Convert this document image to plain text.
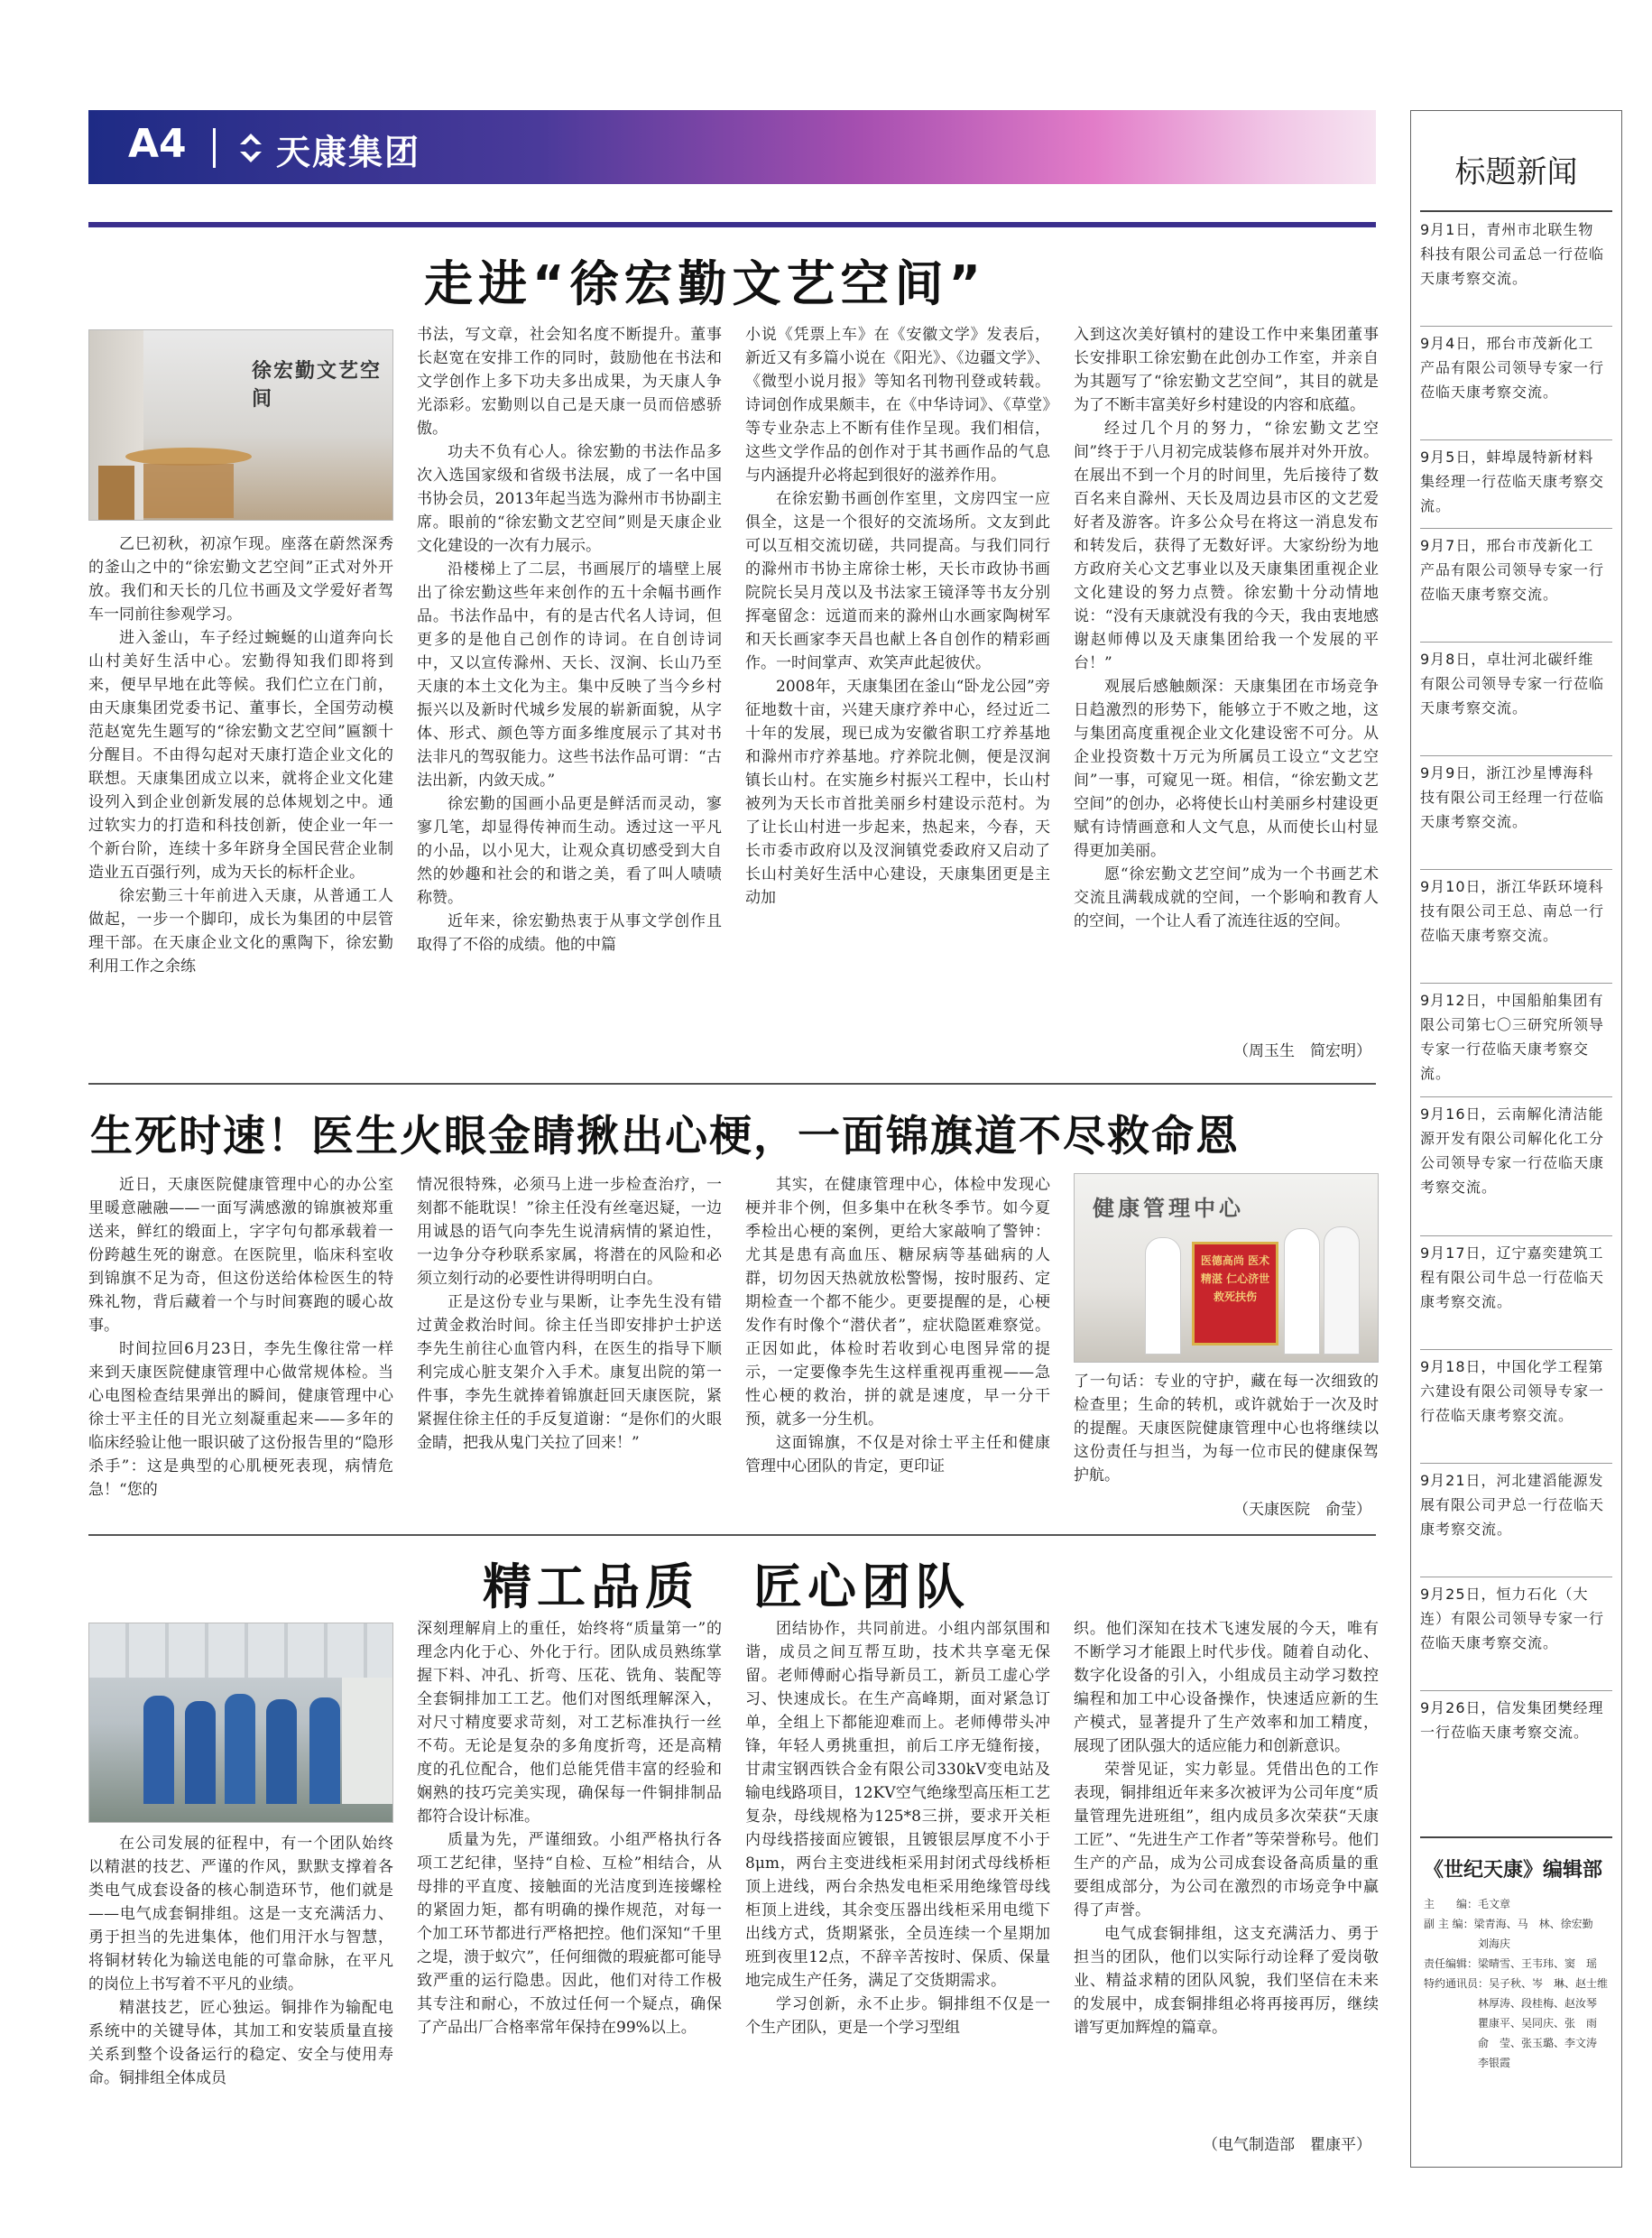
A4	天康集团
走进“徐宏勤文艺空间”
徐宏勤文艺空间

乙巳初秋，初凉乍现。座落在蔚然深秀的釜山之中的“徐宏勤文艺空间”正式对外开放。我们和天长的几位书画及文学爱好者驾车一同前往参观学习。

进入釜山，车子经过蜿蜒的山道奔向长山村美好生活中心。宏勤得知我们即将到来，便早早地在此等候。我们伫立在门前，由天康集团党委书记、董事长，全国劳动模范赵宽先生题写的“徐宏勤文艺空间”匾额十分醒目。不由得勾起对天康打造企业文化的联想。天康集团成立以来，就将企业文化建设列入到企业创新发展的总体规划之中。通过软实力的打造和科技创新，使企业一年一个新台阶，连续十多年跻身全国民营企业制造业五百强行列，成为天长的标杆企业。

徐宏勤三十年前进入天康，从普通工人做起，一步一个脚印，成长为集团的中层管理干部。在天康企业文化的熏陶下，徐宏勤利用工作之余练

书法，写文章，社会知名度不断提升。董事长赵宽在安排工作的同时，鼓励他在书法和文学创作上多下功夫多出成果，为天康人争光添彩。宏勤则以自己是天康一员而倍感骄傲。

功夫不负有心人。徐宏勤的书法作品多次入选国家级和省级书法展，成了一名中国书协会员，2013年起当选为滁州市书协副主席。眼前的“徐宏勤文艺空间”则是天康企业文化建设的一次有力展示。

沿楼梯上了二层，书画展厅的墙壁上展出了徐宏勤这些年来创作的五十余幅书画作品。书法作品中，有的是古代名人诗词，但更多的是他自己创作的诗词。在自创诗词中，又以宣传滁州、天长、汊涧、长山乃至天康的本土文化为主。集中反映了当今乡村振兴以及新时代城乡发展的崭新面貌，从字体、形式、颜色等方面多维度展示了其对书法非凡的驾驭能力。这些书法作品可谓：“古法出新，内敛天成。”

徐宏勤的国画小品更是鲜活而灵动，寥寥几笔，却显得传神而生动。透过这一平凡的小品，以小见大，让观众真切感受到大自然的妙趣和社会的和谐之美，看了叫人啧啧称赞。

近年来，徐宏勤热衷于从事文学创作且取得了不俗的成绩。他的中篇

小说《凭票上车》在《安徽文学》发表后，新近又有多篇小说在《阳光》、《边疆文学》、《微型小说月报》等知名刊物刊登或转载。诗词创作成果颇丰，在《中华诗词》、《草堂》等专业杂志上不断有佳作呈现。我们相信，这些文学作品的创作对于其书画作品的气息与内涵提升必将起到很好的滋养作用。

在徐宏勤书画创作室里，文房四宝一应俱全，这是一个很好的交流场所。文友到此可以互相交流切磋，共同提高。与我们同行的滁州市书协主席徐士彬，天长市政协书画院院长吴月茂以及书法家王镜泽等书友分别挥毫留念：远道而来的滁州山水画家陶树军和天长画家李天昌也献上各自创作的精彩画作。一时间掌声、欢笑声此起彼伏。

2008年，天康集团在釜山“卧龙公园”旁征地数十亩，兴建天康疗养中心，经过近二十年的发展，现已成为安徽省职工疗养基地和滁州市疗养基地。疗养院北侧，便是汊涧镇长山村。在实施乡村振兴工程中，长山村被列为天长市首批美丽乡村建设示范村。为了让长山村进一步起来，热起来，今春，天长市委市政府以及汊涧镇党委政府又启动了长山村美好生活中心建设，天康集团更是主动加

入到这次美好镇村的建设工作中来集团董事长安排职工徐宏勤在此创办工作室，并亲自为其题写了“徐宏勤文艺空间”，其目的就是为了不断丰富美好乡村建设的内容和底蕴。

经过几个月的努力，“徐宏勤文艺空间”终于于八月初完成装修布展并对外开放。在展出不到一个月的时间里，先后接待了数百名来自滁州、天长及周边县市区的文艺爱好者及游客。许多公众号在将这一消息发布和转发后，获得了无数好评。大家纷纷为地方政府关心文艺事业以及天康集团重视企业文化建设的努力点赞。徐宏勤十分动情地说：“没有天康就没有我的今天，我由衷地感谢赵师傅以及天康集团给我一个发展的平台！”

观展后感触颇深：天康集团在市场竞争日趋激烈的形势下，能够立于不败之地，这与集团高度重视企业文化建设密不可分。从企业投资数十万元为所属员工设立“文艺空间”一事，可窥见一斑。相信，“徐宏勤文艺空间”的创办，必将使长山村美丽乡村建设更赋有诗情画意和人文气息，从而使长山村显得更加美丽。

愿“徐宏勤文艺空间”成为一个书画艺术交流且满载成就的空间，一个影响和教育人的空间，一个让人看了流连往返的空间。

（周玉生　简宏明）
生死时速！医生火眼金睛揪出心梗，一面锦旗道不尽救命恩

近日，天康医院健康管理中心的办公室里暖意融融——一面写满感激的锦旗被郑重送来，鲜红的缎面上，字字句句都承载着一份跨越生死的谢意。在医院里，临床科室收到锦旗不足为奇，但这份送给体检医生的特殊礼物，背后藏着一个与时间赛跑的暖心故事。

时间拉回6月23日，李先生像往常一样来到天康医院健康管理中心做常规体检。当心电图检查结果弹出的瞬间，健康管理中心徐士平主任的目光立刻凝重起来——多年的临床经验让他一眼识破了这份报告里的“隐形杀手”：这是典型的心肌梗死表现，病情危急！“您的

情况很特殊，必须马上进一步检查治疗，一刻都不能耽误！”徐主任没有丝毫迟疑，一边用诚恳的语气向李先生说清病情的紧迫性，一边争分夺秒联系家属，将潜在的风险和必须立刻行动的必要性讲得明明白白。

正是这份专业与果断，让李先生没有错过黄金救治时间。徐主任当即安排护士护送李先生前往心血管内科，在医生的指导下顺利完成心脏支架介入手术。康复出院的第一件事，李先生就捧着锦旗赶回天康医院，紧紧握住徐主任的手反复道谢：“是你们的火眼金睛，把我从鬼门关拉了回来！”

其实，在健康管理中心，体检中发现心梗并非个例，但多集中在秋冬季节。如今夏季检出心梗的案例，更给大家敲响了警钟：尤其是患有高血压、糖尿病等基础病的人群，切勿因天热就放松警惕，按时服药、定期检查一个都不能少。更要提醒的是，心梗发作有时像个“潜伏者”，症状隐匿难察觉。正因如此，体检时若收到心电图异常的提示，一定要像李先生这样重视再重视——急性心梗的救治，拼的就是速度，早一分干预，就多一分生机。

这面锦旗，不仅是对徐士平主任和健康管理中心团队的肯定，更印证

健康管理中心
医德高尚 医术精湛 仁心济世 救死扶伤

了一句话：专业的守护，藏在每一次细致的检查里；生命的转机，或许就始于一次及时的提醒。天康医院健康管理中心也将继续以这份责任与担当，为每一位市民的健康保驾护航。

（天康医院　俞莹）
精工品质　匠心团队

在公司发展的征程中，有一个团队始终以精湛的技艺、严谨的作风，默默支撑着各类电气成套设备的核心制造环节，他们就是——电气成套铜排组。这是一支充满活力、勇于担当的先进集体，他们用汗水与智慧，将铜材转化为输送电能的可靠命脉，在平凡的岗位上书写着不平凡的业绩。

精湛技艺，匠心独运。铜排作为输配电系统中的关键导体，其加工和安装质量直接关系到整个设备运行的稳定、安全与使用寿命。铜排组全体成员

深刻理解肩上的重任，始终将“质量第一”的理念内化于心、外化于行。团队成员熟练掌握下料、冲孔、折弯、压花、铣角、装配等全套铜排加工工艺。他们对图纸理解深入，对尺寸精度要求苛刻，对工艺标准执行一丝不苟。无论是复杂的多角度折弯，还是高精度的孔位配合，他们总能凭借丰富的经验和娴熟的技巧完美实现，确保每一件铜排制品都符合设计标准。

质量为先，严谨细致。小组严格执行各项工艺纪律，坚持“自检、互检”相结合，从母排的平直度、接触面的光洁度到连接螺栓的紧固力矩，都有明确的操作规范，对每一个加工环节都进行严格把控。他们深知“千里之堤，溃于蚁穴”，任何细微的瑕疵都可能导致严重的运行隐患。因此，他们对待工作极其专注和耐心，不放过任何一个疑点，确保了产品出厂合格率常年保持在99%以上。

团结协作，共同前进。小组内部氛围和谐，成员之间互帮互助，技术共享毫无保留。老师傅耐心指导新员工，新员工虚心学习、快速成长。在生产高峰期，面对紧急订单，全组上下都能迎难而上。老师傅带头冲锋，年轻人勇挑重担，前后工序无缝衔接，甘肃宝钢西铁合金有限公司330kV变电站及输电线路项目，12KV空气绝缘型高压柜工艺复杂，母线规格为125*8三拼，要求开关柜内母线搭接面应镀银，且镀银层厚度不小于8μm，两台主变进线柜采用封闭式母线桥柜顶上进线，两台余热发电柜采用绝缘管母线柜顶上进线，其余变压器出线柜采用电缆下出线方式，货期紧张，全员连续一个星期加班到夜里12点，不辞辛苦按时、保质、保量地完成生产任务，满足了交货期需求。

学习创新，永不止步。铜排组不仅是一个生产团队，更是一个学习型组

织。他们深知在技术飞速发展的今天，唯有不断学习才能跟上时代步伐。随着自动化、数字化设备的引入，小组成员主动学习数控编程和加工中心设备操作，快速适应新的生产模式，显著提升了生产效率和加工精度，展现了团队强大的适应能力和创新意识。

荣誉见证，实力彰显。凭借出色的工作表现，铜排组近年来多次被评为公司年度“质量管理先进班组”，组内成员多次荣获“天康工匠”、“先进生产工作者”等荣誉称号。他们生产的产品，成为公司成套设备高质量的重要组成部分，为公司在激烈的市场竞争中赢得了声誉。

电气成套铜排组，这支充满活力、勇于担当的团队，他们以实际行动诠释了爱岗敬业、精益求精的团队风貌，我们坚信在未来的发展中，成套铜排组必将再接再厉，继续谱写更加辉煌的篇章。

（电气制造部　瞿康平）
标题新闻
9月1日，青州市北联生物科技有限公司孟总一行莅临天康考察交流。
9月4日，邢台市茂新化工产品有限公司领导专家一行莅临天康考察交流。
9月5日，蚌埠晟特新材料集经理一行莅临天康考察交流。
9月7日，邢台市茂新化工产品有限公司领导专家一行莅临天康考察交流。
9月8日，卓壮河北碳纤维有限公司领导专家一行莅临天康考察交流。
9月9日，浙江沙星博海科技有限公司王经理一行莅临天康考察交流。
9月10日，浙江华跃环境科技有限公司王总、南总一行莅临天康考察交流。
9月12日，中国船舶集团有限公司第七〇三研究所领导专家一行莅临天康考察交流。
9月16日，云南解化清洁能源开发有限公司解化化工分公司领导专家一行莅临天康考察交流。
9月17日，辽宁嘉奕建筑工程有限公司牛总一行莅临天康考察交流。
9月18日，中国化学工程第六建设有限公司领导专家一行莅临天康考察交流。
9月21日，河北建滔能源发展有限公司尹总一行莅临天康考察交流。
9月25日，恒力石化（大连）有限公司领导专家一行莅临天康考察交流。
9月26日，信发集团樊经理一行莅临天康考察交流。
《世纪天康》编辑部
主　　编：毛文章
副 主 编：梁青海、马　林、徐宏勤
　　　　　刘海庆
责任编辑：梁晴雪、王韦玮、窦　瑶
特约通讯员：吴子秋、岑　琳、赵士维
　　　　　林厚涛、段桂梅、赵汝琴
　　　　　瞿康平、吴同庆、张　雨
　　　　　俞　莹、张玉璐、李文涛
　　　　　李银霞
